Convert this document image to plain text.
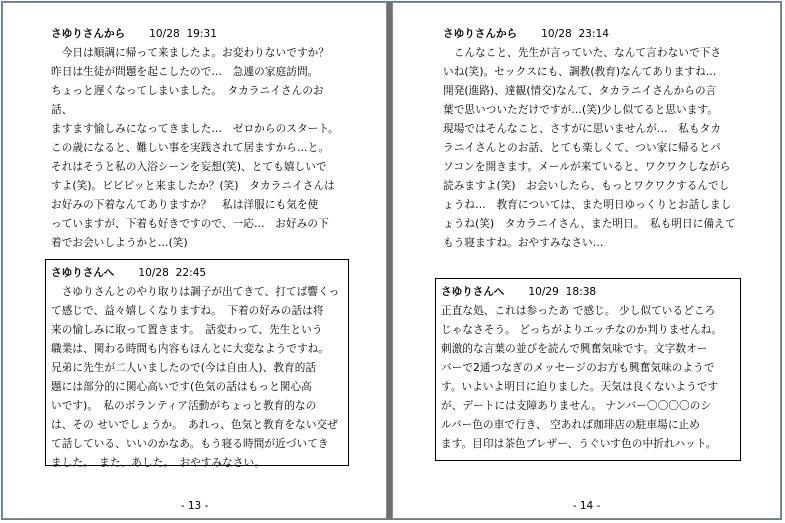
さゆりさんから 10/28 19:31
　今日は順調に帰って来ましたよ。お変わりないですか？
昨日は生徒が問題を起こしたので…　急遽の家庭訪問。
ちょっと遅くなってしまいました。　タカラニイさんのお話、
ますます愉しみになってきました…　ゼロからのスタート。
この歳になると、難しい事を実践されて居ますから…と。
それはそうと私の入浴シーンを妄想(笑)、とても嬉しいで
すよ(笑)。ビビビッと来ましたか？(笑)　タカラニイさんは
お好みの下着なんてありますか？　私は洋服にも気を使
っていますが、下着も好きですので、一応…　お好みの下
着でお会いしようかと…(笑)
さゆりさんへ 10/28 22:45
　さゆりさんとのやり取りは調子が出てきて、打てば響くっ
て感じで、益々嬉しくなりますね。　下着の好みの話は将
来の愉しみに取って置きます。　話変わって、先生という
職業は、関わる時間も内容もほんとに大変なようですね。
兄弟に先生が二人いましたので(今は自由人)、教育的話
題には部分的に関心高いです(色気の話はもっと関心高
いです)。　私のボランティア活動がちょっと教育的なの
は、その せいでしょうか。　あれっ、色気と教育をない交ぜ
て話している、いいのかなあ。もう寝る時間が近づいてき
ました。　また、あした。　おやすみなさい。
- 13 -
さゆりさんから 10/28 23:14
　こんなこと、先生が言っていた、なんて言わないで下さ
いね(笑)。セックスにも、調教(教育)なんてありますね…
開発(進路)、達観(情交)なんて、タカラニイさんからの言
葉で思いついただけですが…(笑)少し似てると思います。
現場ではそんなこと、さすがに思いませんが…　私もタカ
ラニイさんとのお話、とても楽しくて、つい家に帰るとパ
ソコンを開きます。メールが来ていると、ワクワクしながら
読みますよ(笑)　お会いしたら、もっとワクワクするんでし
ょうね…　教育については、また明日ゆっくりとお話しまし
ょうね(笑)　タカラニイさん、また明日。　私も明日に備えて
もう寝ますね。おやすみなさい…
さゆりさんへ 10/29 18:38
正直な処、これは参ったあ で感じ。 少し似ているどころ
じゃなさそう。 どっちがよりエッチなのか判りませんね。
刺激的な言葉の並びを読んで興奮気味です。文字数オー
バーで2通つなぎのメッセージのお方も興奮気味のようで
す。いよいよ明日に迫りました。天気は良くないようです
が、デートには支障ありません。 ナンバー〇〇〇〇のシ
ルバー色の車で行き、 空あれば珈琲店の駐車場に止め
ます。目印は茶色ブレザー、うぐいす色の中折れハット。
- 14 -
